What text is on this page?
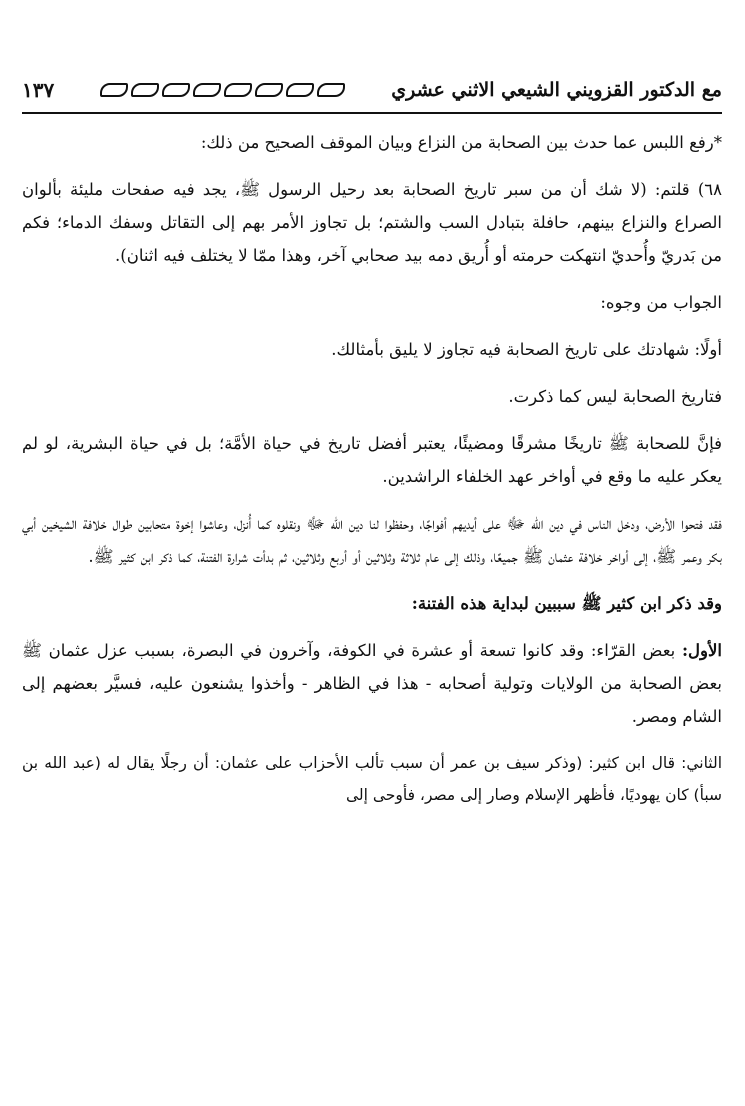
مع الدكتور القزويني الشيعي الاثني عشري
١٣٧

*رفع اللبس عما حدث بين الصحابة من النزاع وبيان الموقف الصحيح من ذلك:

٦٨) قلتم: (لا شك أن من سبر تاريخ الصحابة بعد رحيل الرسول ﷺ، يجد فيه صفحات مليئة بألوان الصراع والنزاع بينهم، حافلة بتبادل السب والشتم؛ بل تجاوز الأمر بهم إلى التقاتل وسفك الدماء؛ فكم من بَدريّ وأُحديّ انتهكت حرمته أو أُريق دمه بيد صحابي آخر، وهذا ممّا لا يختلف فيه اثنان).

الجواب من وجوه:

أولًا: شهادتك على تاريخ الصحابة فيه تجاوز لا يليق بأمثالك.

فتاريخ الصحابة ليس كما ذكرت.

فإنَّ للصحابة ﷺ تاريخًا مشرقًا ومضيئًا، يعتبر أفضل تاريخ في حياة الأمَّة؛ بل في حياة البشرية، لو لم يعكر عليه ما وقع في أواخر عهد الخلفاء الراشدين.

فقد فتحوا الأرض، ودخل الناس في دين الله ﷻ على أيديهم أفواجًا، وحفظوا لنا دين الله ﷻ ونقلوه كما أُنزل، وعاشوا إخوة متحابين طوال خلافة الشيخين أبي بكر وعمر ﷺ، إلى أواخر خلافة عثمان ﷺ جميعًا، وذلك إلى عام ثلاثة وثلاثين أو أربع وثلاثين، ثم بدأت شرارة الفتنة، كما ذكر ابن كثير ﷺ.

وقد ذكر ابن كثير ﷺ سببين لبداية هذه الفتنة:

الأول: بعض القرّاء: وقد كانوا تسعة أو عشرة في الكوفة، وآخرون في البصرة، بسبب عزل عثمان ﷺ بعض الصحابة من الولايات وتولية أصحابه - هذا في الظاهر - وأخذوا يشنعون عليه، فسيَّر بعضهم إلى الشام ومصر.

الثاني: قال ابن كثير: (وذكر سيف بن عمر أن سبب تألب الأحزاب على عثمان: أن رجلًا يقال له (عبد الله بن سبأ) كان يهوديًا، فأظهر الإسلام وصار إلى مصر، فأوحى إلى
